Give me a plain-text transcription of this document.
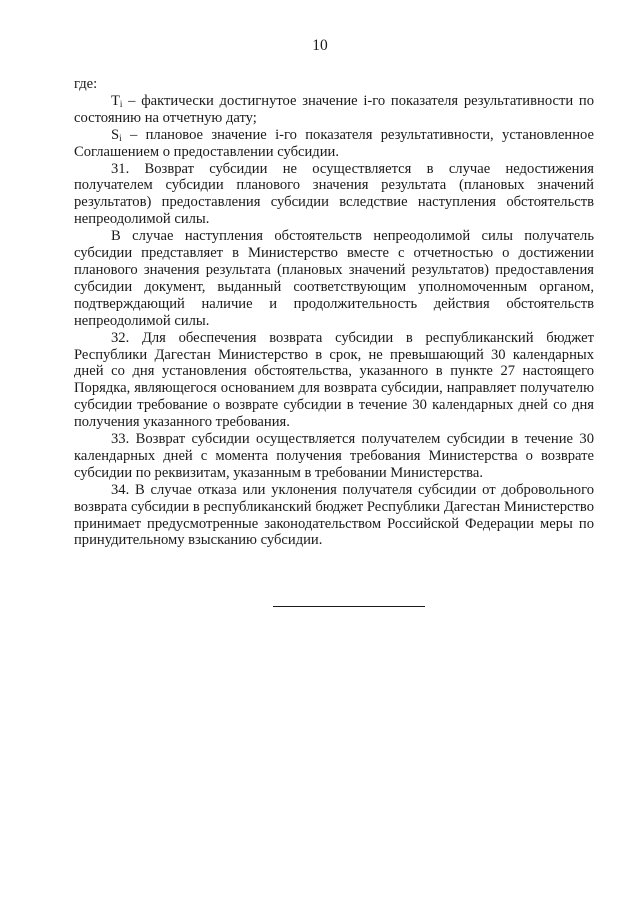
10

где:

$T_i$ – фактически достигнутое значение i-го показателя результативности по состоянию на отчетную дату;

$S_i$ – плановое значение i-го показателя результативности, установленное Соглашением о предоставлении субсидии.

31. Возврат субсидии не осуществляется в случае недостижения получателем субсидии планового значения результата (плановых значений результатов) предоставления субсидии вследствие наступления обстоятельств непреодолимой силы.

В случае наступления обстоятельств непреодолимой силы получатель субсидии представляет в Министерство вместе с отчетностью о достижении планового значения результата (плановых значений результатов) предоставления субсидии документ, выданный соответствующим уполномоченным органом, подтверждающий наличие и продолжительность действия обстоятельств непреодолимой силы.

32. Для обеспечения возврата субсидии в республиканский бюджет Республики Дагестан Министерство в срок, не превышающий 30 календарных дней со дня установления обстоятельства, указанного в пункте 27 настоящего Порядка, являющегося основанием для возврата субсидии, направляет получателю субсидии требование о возврате субсидии в течение 30 календарных дней со дня получения указанного требования.

33. Возврат субсидии осуществляется получателем субсидии в течение 30 календарных дней с момента получения требования Министерства о возврате субсидии по реквизитам, указанным в требовании Министерства.

34. В случае отказа или уклонения получателя субсидии от добровольного возврата субсидии в республиканский бюджет Республики Дагестан Министерство принимает предусмотренные законодательством Российской Федерации меры по принудительному взысканию субсидии.
